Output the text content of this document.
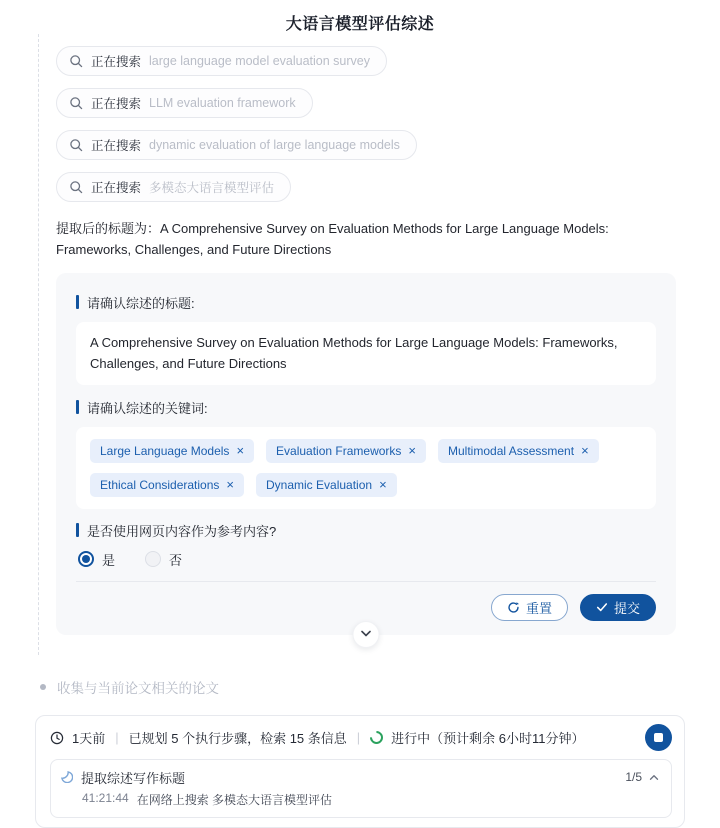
大语言模型评估综述
正在搜索 large language model evaluation survey
正在搜索 LLM evaluation framework
正在搜索 dynamic evaluation of large language models
正在搜索 多模态大语言模型评估
提取后的标题为：A Comprehensive Survey on Evaluation Methods for Large Language Models: Frameworks, Challenges, and Future Directions
请确认综述的标题:
A Comprehensive Survey on Evaluation Methods for Large Language Models: Frameworks, Challenges, and Future Directions
请确认综述的关键词:
Large Language Models ×	Evaluation Frameworks ×	Multimodal Assessment ×
Ethical Considerations ×	Dynamic Evaluation ×
是否使用网页内容作为参考内容?
是	否
重置	提交
收集与当前论文相关的论文
1天前 | 已规划 5 个执行步骤，检索 15 条信息 | 进行中（预计剩余 6小时11分钟）
提取综述写作标题	1/5
41:21:44 在网络上搜索 多模态大语言模型评估
